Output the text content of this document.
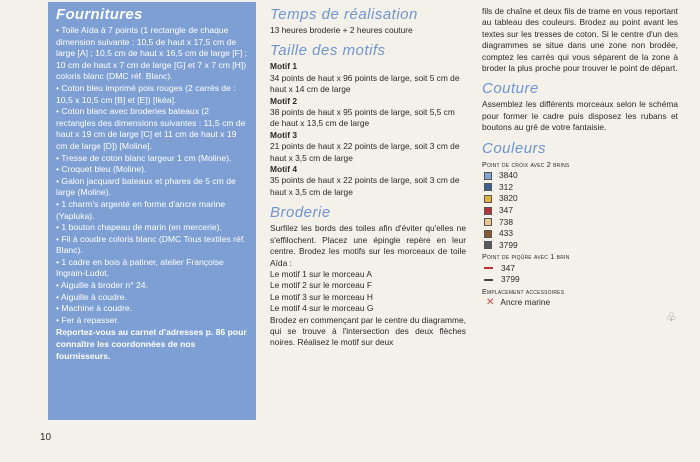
Fournitures

• Toile Aïda à 7 points (1 rectangle de chaque dimension suivante : 10,5 de haut x 17,5 cm de large [A] ; 10,5 cm de haut x 16,5 cm de large [F] ; 10 cm de haut x 7 cm de large [G] et 7 x 7 cm [H]) coloris blanc (DMC réf. Blanc).

• Coton bleu imprimé pois rouges (2 carrés de : 10,5 x 10,5 cm [B] et [E]) [Ikéa].

• Coton blanc avec broderies bateaux (2 rectangles des dimensions suivantes : 11,5 cm de haut x 19 cm de large [C] et 11 cm de haut x 19 cm de large [D]) [Moline].

• Tresse de coton blanc largeur 1 cm (Moline).

• Croquet bleu (Moline).

• Galon jacquard bateaux et phares de 5 cm de large (Moline).

• 1 charm's argenté en forme d'ancre marine (Yapluka).

• 1 bouton chapeau de marin (en mercerie).

• Fil à coudre coloris blanc (DMC Tous textiles réf. Blanc).

• 1 cadre en bois à patiner, atelier Françoise Ingrain-Ludot.

• Aiguille à broder n° 24.

• Aiguille à coudre.

• Machine à coudre.

• Fer à repasser.

Reportez-vous au carnet d'adresses p. 86 pour connaître les coordonnées de nos fournisseurs.

10
Temps de réalisation

13 heures broderie + 2 heures couture

Taille des motifs

Motif 1

34 points de haut x 96 points de large, soit 5 cm de haut x 14 cm de large

Motif 2

38 points de haut x 95 points de large, soit 5,5 cm de haut x 13,5 cm de large

Motif 3

21 points de haut x 22 points de large, soit 3 cm de haut x 3,5 cm de large

Motif 4

35 points de haut x 22 points de large, soit 3 cm de haut x 3,5 cm de large

Broderie

Surfilez les bords des toiles afin d'éviter qu'elles ne s'effilochent. Placez une épingle repère en leur centre. Brodez les motifs sur les morceaux de toile Aïda :

Le motif 1 sur le morceau A

Le motif 2 sur le morceau F

Le motif 3 sur le morceau H

Le motif 4 sur le morceau G

Brodez en commençant par le centre du diagramme, qui se trouve à l'intersection des deux flèches noires. Réalisez le motif sur deux

fils de chaîne et deux fils de trame en vous reportant au tableau des couleurs. Brodez au point avant les textes sur les tresses de coton. Si le centre d'un des diagrammes se situe dans une zone non brodée, comptez les carrés qui vous séparent de la zone à broder la plus proche pour trouver le point de départ.

Couture

Assemblez les différents morceaux selon le schéma pour former le cadre puis disposez les rubans et boutons au gré de votre fantaisie.

Couleurs

Point de croix avec 2 brins

3840
312
3820
347
738
433
3799

Point de piqûre avec 1 brin

347
3799

Emplacement accessoires

✕ Ancre marine
♧
